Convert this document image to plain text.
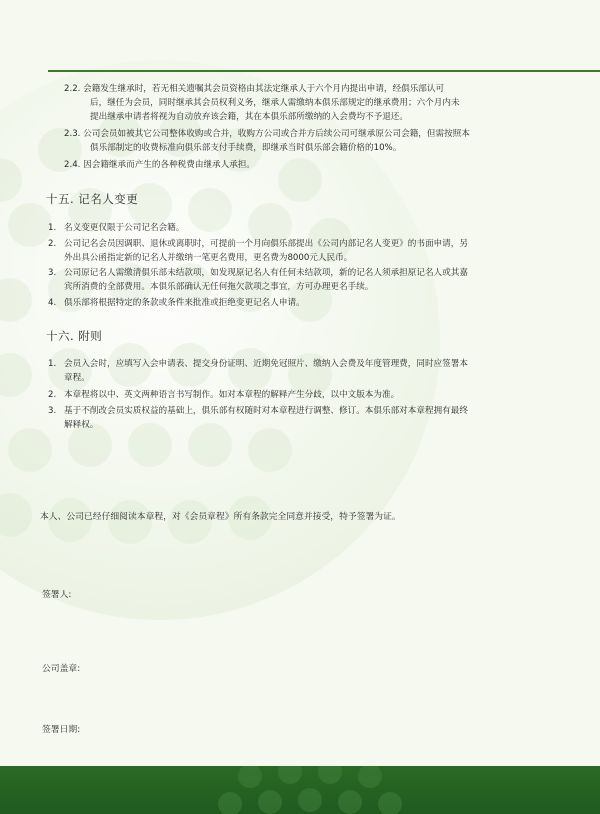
2.2. 会籍发生继承时，若无相关遗嘱其会员资格由其法定继承人于六个月内提出申请，经俱乐部认可
后，继任为会员，同时继承其会员权利义务，继承人需缴纳本俱乐部规定的继承费用；六个月内未
提出继承申请者将视为自动放弃该会籍，其在本俱乐部所缴纳的入会费均不予退还。
2.3. 公司会员如被其它公司整体收购或合并，收购方公司或合并方后续公司可继承原公司会籍，但需按照本
俱乐部制定的收费标准向俱乐部支付手续费，即继承当时俱乐部会籍价格的10%。
2.4. 因会籍继承而产生的各种税费由继承人承担。
十五. 记名人变更
1. 名义变更仅限于公司记名会籍。
2. 公司记名会员因调职、退休或离职时，可提前一个月向俱乐部提出《公司内部记名人变更》的书面申请，另
外出具公函指定新的记名人并缴纳一笔更名费用，更名费为8000元人民币。
3. 公司原记名人需缴清俱乐部未结款项，如发现原记名人有任何未结款项，新的记名人须承担原记名人或其嘉
宾所消费的全部费用。本俱乐部确认无任何拖欠款项之事宜，方可办理更名手续。
4. 俱乐部将根据特定的条款或条件来批准或拒绝变更记名人申请。
十六. 附则
1. 会员入会时，应填写入会申请表、提交身份证明、近期免冠照片、缴纳入会费及年度管理费，同时应签署本
章程。
2. 本章程将以中、英文两种语言书写制作。如对本章程的解释产生分歧，以中文版本为准。
3. 基于不削改会员实质权益的基础上，俱乐部有权随时对本章程进行调整、修订。本俱乐部对本章程拥有最终
解释权。
本人、公司已经仔细阅读本章程，对《会员章程》所有条款完全同意并接受，特予签署为证。
签署人:
公司盖章:
签署日期:
